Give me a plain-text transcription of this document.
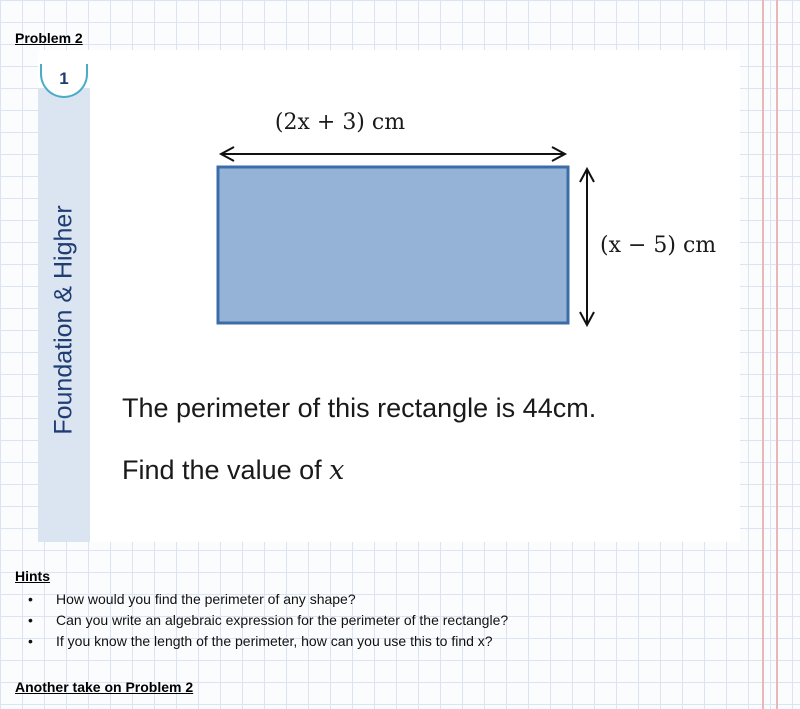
Problem 2
Foundation & Higher
1
(2x + 3) cm
(x − 5) cm
The perimeter of this rectangle is 44cm.
Find the value of x
Hints
• How would you find the perimeter of any shape?
• Can you write an algebraic expression for the perimeter of the rectangle?
• If you know the length of the perimeter, how can you use this to find x?
Another take on Problem 2
